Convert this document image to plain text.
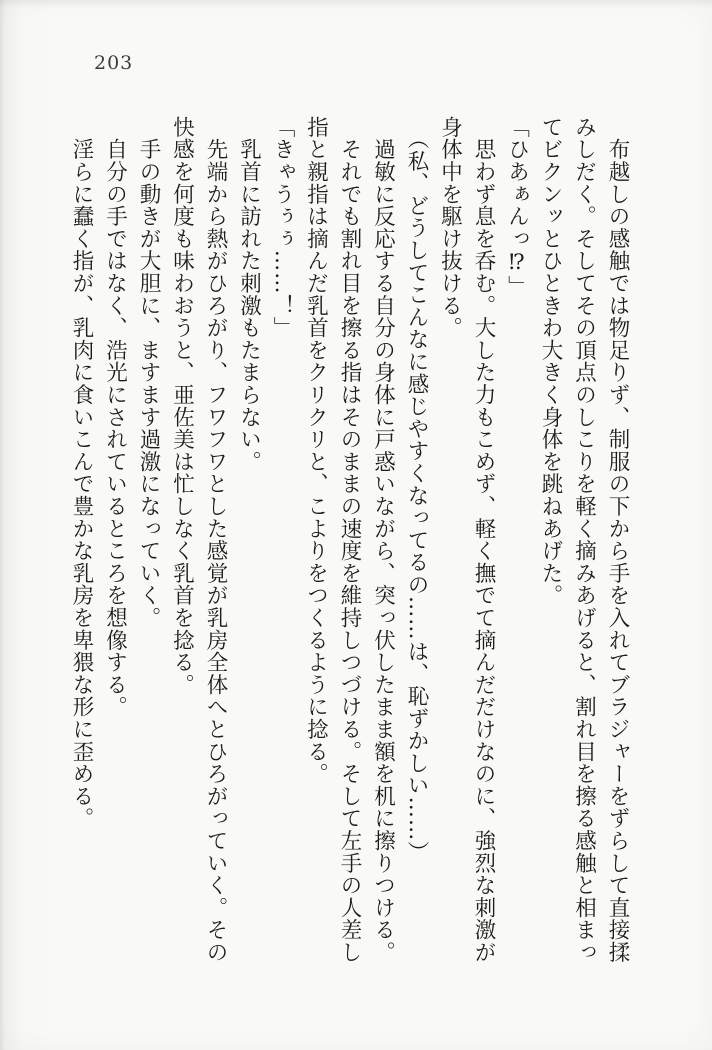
203

　布越しの感触では物足りず、制服の下から手を入れてブラジャーをずらして直接揉

みしだく。そしてその頂点のしこりを軽く摘みあげると、割れ目を擦る感触と相まっ

てビクンッとひときわ大きく身体を跳ねあげた。

「ひあぁんっ⁉」

　思わず息を呑む。大した力もこめず、軽く撫でて摘んだだけなのに、強烈な刺激が

身体中を駆け抜ける。

　（私、どうしてこんなに感じやすくなってるの……は、恥ずかしい……）

　過敏に反応する自分の身体に戸惑いながら、突っ伏したまま額を机に擦りつける。

　それでも割れ目を擦る指はそのままの速度を維持しつづける。そして左手の人差し

指と親指は摘んだ乳首をクリクリと、こよりをつくるように捻る。

「きゃうぅぅ……！」

　乳首に訪れた刺激もたまらない。

　先端から熱がひろがり、フワフワとした感覚が乳房全体へとひろがっていく。その

快感を何度も味わおうと、亜佐美は忙しなく乳首を捻る。

　手の動きが大胆に、ますます過激になっていく。

　自分の手ではなく、浩光にされているところを想像する。

　淫らに蠢く指が、乳肉に食いこんで豊かな乳房を卑猥な形に歪める。
